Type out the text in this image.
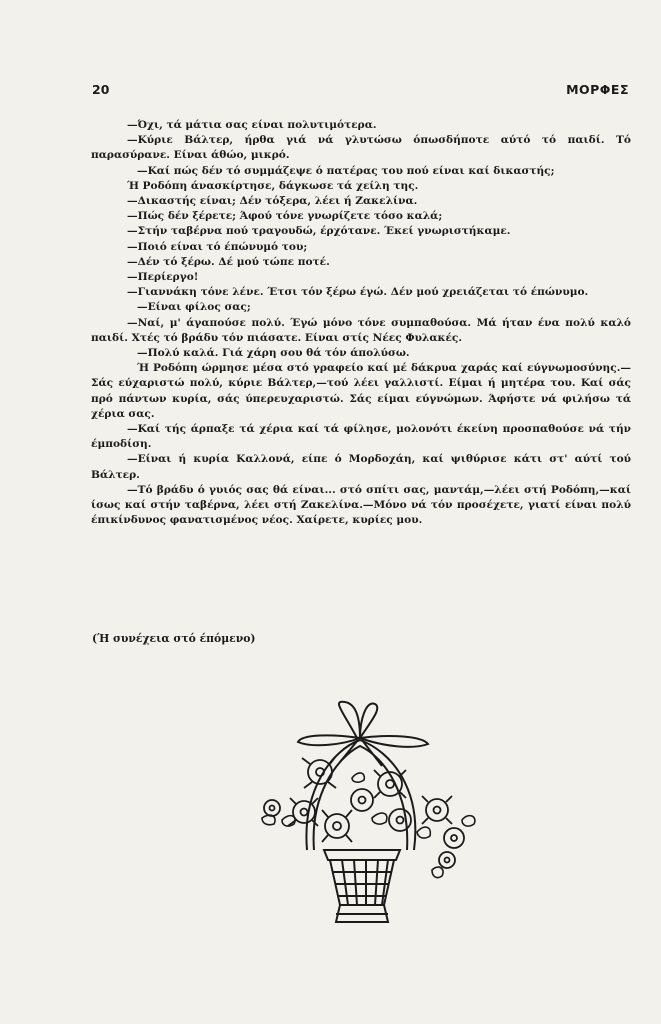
20	ΜΟΡΦΕΣ

—Όχι, τά μάτια σας είναι πολυτιμότερα.

—Κύριε Βάλτερ, ήρθα γιά νά γλυτώσω όπωσδήποτε αύτό τό παιδί. Τό παρασύρανε. Είναι άθώο, μικρό.

—Καί πώς δέν τό συμμάζεψε ό πατέρας του πού είναι καί δικαστής;

Ή Ροδόπη άνασκίρτησε, δάγκωσε τά χείλη της.

—Δικαστής είναι; Δέν τόξερα, λέει ή Ζακελίνα.

—Πώς δέν ξέρετε; Άφού τόνε γνωρίζετε τόσο καλά;

—Στήν ταβέρνα πού τραγουδώ, έρχότανε. Έκεί γνωριστήκαμε.

—Ποιό είναι τό έπώνυμό του;

—Δέν τό ξέρω. Δέ μού τώπε ποτέ.

—Περίεργο!

—Γιαννάκη τόνε λένε. Έτσι τόν ξέρω έγώ. Δέν μού χρειάζεται τό έπώνυμο.

—Είναι φίλος σας;

—Ναί, μ' άγαπούσε πολύ. Έγώ μόνο τόνε συμπαθούσα. Μά ήταν ένα πολύ καλό παιδί. Χτές τό βράδυ τόν πιάσατε. Είναι στίς Νέες Φυλακές.

—Πολύ καλά. Γιά χάρη σου θά τόν άπολύσω.

Ή Ροδόπη ώρμησε μέσα στό γραφείο καί μέ δάκρυα χαράς καί εύγνωμοσύνης.—Σάς εύχαριστώ πολύ, κύριε Βάλτερ,—τού λέει γαλλιστί. Είμαι ή μητέρα του. Καί σάς πρό πάντων κυρία, σάς ύπερευχαριστώ. Σάς είμαι εύγνώμων. Άφήστε νά φιλήσω τά χέρια σας.

—Καί τής άρπαξε τά χέρια καί τά φίλησε, μολονότι έκείνη προσπαθούσε νά τήν έμποδίση.

—Είναι ή κυρία Καλλονά, είπε ό Μορδοχάη, καί ψιθύρισε κάτι στ' αύτί τού Βάλτερ.

—Τό βράδυ ό γυιός σας θά είναι... στό σπίτι σας, μαντάμ,—λέει στή Ροδόπη,—καί ίσως καί στήν ταβέρνα, λέει στή Ζακελίνα.—Μόνο νά τόν προσέχετε, γιατί είναι πολύ έπικίνδυνος φανατισμένος νέος. Χαίρετε, κυρίες μου.

(Ή συνέχεια στό έπόμενο)
